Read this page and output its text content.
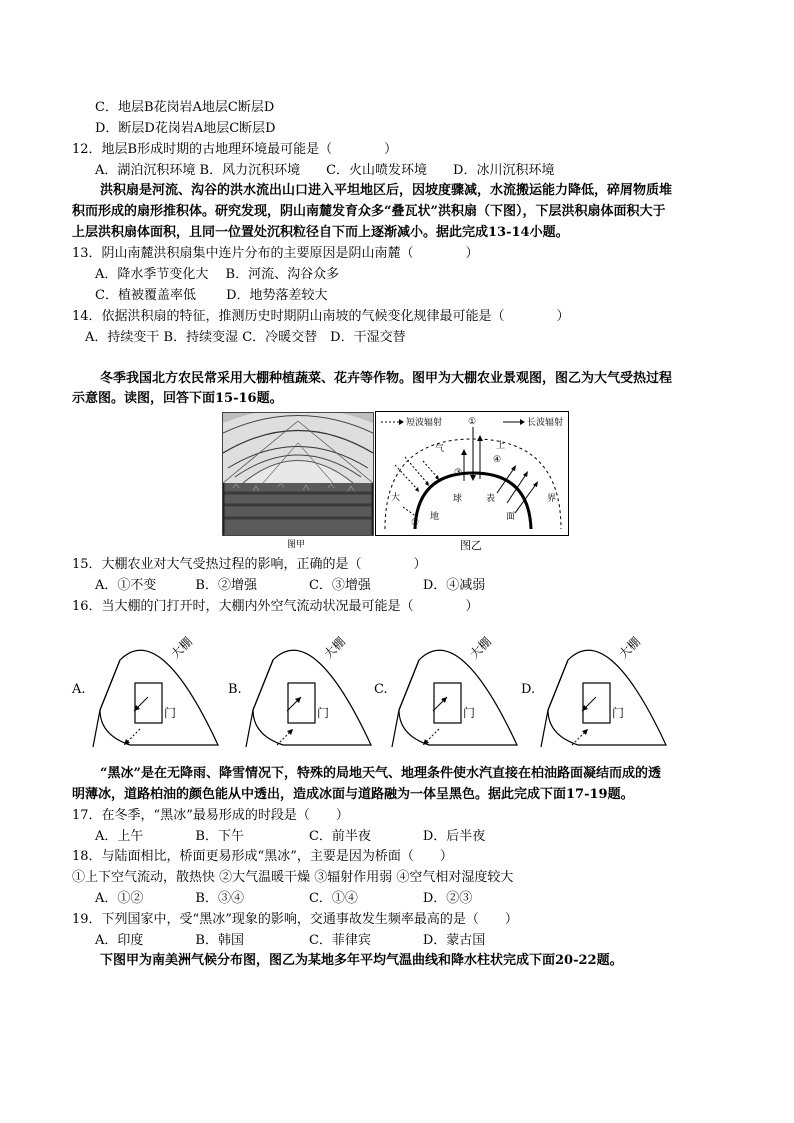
C．地层B花岗岩A地层C断层D
D．断层D花岗岩A地层C断层D
12．地层B形成时期的古地理环境最可能是（　　　　）
A．湖泊沉积环境 B．风力沉积环境　　C．火山喷发环境　　D．冰川沉积环境
洪积扇是河流、沟谷的洪水流出山口进入平坦地区后，因坡度骤减，水流搬运能力降低，碎屑物质堆
积而形成的扇形推积体。研究发现，阴山南麓发育众多“叠瓦状”洪积扇（下图），下层洪积扇体面积大于
上层洪积扇体面积，且同一位置处沉积粒径自下而上逐渐减小。据此完成13-14小题。
13．阴山南麓洪积扇集中连片分布的主要原因是阴山南麓（　　　　）
A．降水季节变化大　 B．河流、沟谷众多
C．植被覆盖率低　　 D．地势落差较大
14．依据洪积扇的特征，推测历史时期阴山南坡的气候变化规律最可能是（　　　　）
A．持续变干 B．持续变湿 C．冷暖交替　D．干湿交替
冬季我国北方农民常采用大棚种植蔬菜、花卉等作物。图甲为大棚农业景观图，图乙为大气受热过程
示意图。读图，回答下面15-16题。
图甲
短波辐射	长波辐射
①
③
④
②
大
气	上
界
地
球	表
面
图乙
15．大棚农业对大气受热过程的影响，正确的是（　　　　）
A．①不变　　　B．②增强　　　　C．③增强　　　　D．④减弱
16．当大棚的门打开时，大棚内外空气流动状况最可能是（　　　　）
A.	B.	C.	D.
大棚
门
大棚
门
大棚
门
大棚
门
“黑冰”是在无降雨、降雪情况下，特殊的局地天气、地理条件使水汽直接在柏油路面凝结而成的透
明薄冰，道路柏油的颜色能从中透出，造成冰面与道路融为一体呈黑色。据此完成下面17-19题。
17．在冬季，“黑冰”最易形成的时段是（　　）
A．上午　　　　B．下午　　　　　C．前半夜　　　　D．后半夜
18．与陆面相比，桥面更易形成“黑冰”，主要是因为桥面（　　）
①上下空气流动，散热快 ②大气温暖干燥 ③辐射作用弱 ④空气相对湿度较大
A．①②　　　　B．③④　　　　　C．①④　　　　　D．②③
19．下列国家中，受“黑冰”现象的影响，交通事故发生频率最高的是（　　）
A．印度　　　　B．韩国　　　　　C．菲律宾　　　　D．蒙古国
下图甲为南美洲气候分布图，图乙为某地多年平均气温曲线和降水柱状完成下面20-22题。
